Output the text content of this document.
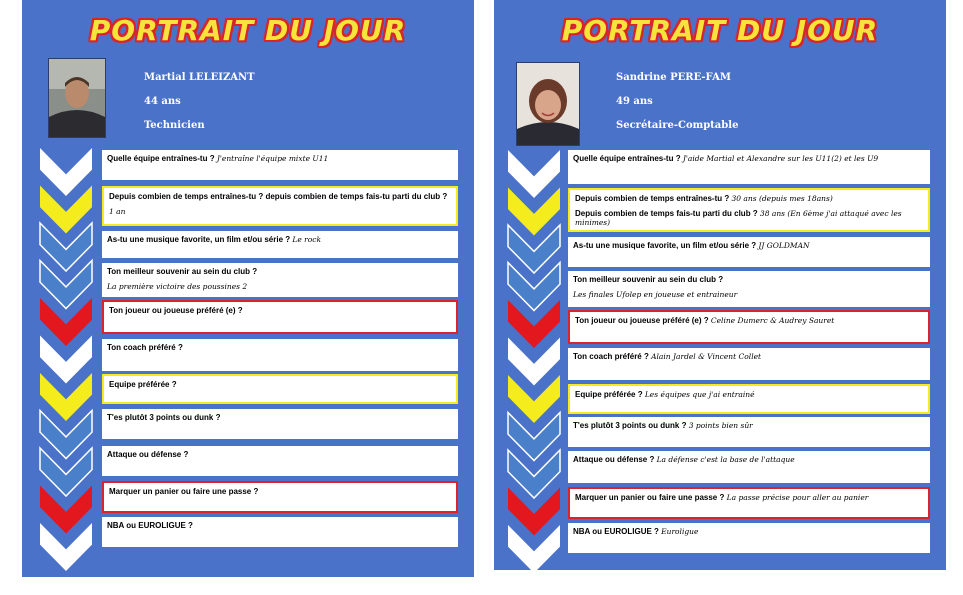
PORTRAIT DU JOUR
Martial LELEIZANT
44 ans
Technicien
Quelle équipe entraînes-tu ? J'entraîne l'équipe mixte U11
Depuis combien de temps entraînes-tu ? depuis combien de temps fais-tu parti du club ?
1 an
As-tu une musique favorite, un film et/ou série ? Le rock
Ton meilleur souvenir au sein du club ?
La première victoire des poussines 2
Ton joueur ou joueuse préféré (e) ?
Ton coach préféré ?
Equipe préférée ?
T'es plutôt 3 points ou dunk ?
Attaque ou défense ?
Marquer un panier ou faire une passe ?
NBA ou EUROLIGUE ?
PORTRAIT DU JOUR
Sandrine PERE-FAM
49 ans
Secrétaire-Comptable
Quelle équipe entraînes-tu ? J'aide Martial et Alexandre sur les U11(2) et les U9
Depuis combien de temps entraînes-tu ? 30 ans (depuis mes 18ans)
Depuis combien de temps fais-tu parti du club ? 38 ans (En 6ème j'ai attaqué avec les minimes)
As-tu une musique favorite, un film et/ou série ? JJ GOLDMAN
Ton meilleur souvenir au sein du club ?
Les finales Ufolep en joueuse et entraineur
Ton joueur ou joueuse préféré (e) ? Celine Dumerc & Audrey Sauret
Ton coach préféré ? Alain Jardel & Vincent Collet
Equipe préférée ? Les équipes que j'ai entrainé
T'es plutôt 3 points ou dunk ? 3 points bien sûr
Attaque ou défense ? La défense c'est la base de l'attaque
Marquer un panier ou faire une passe ? La passe précise pour aller au panier
NBA ou EUROLIGUE ? Euroligue
